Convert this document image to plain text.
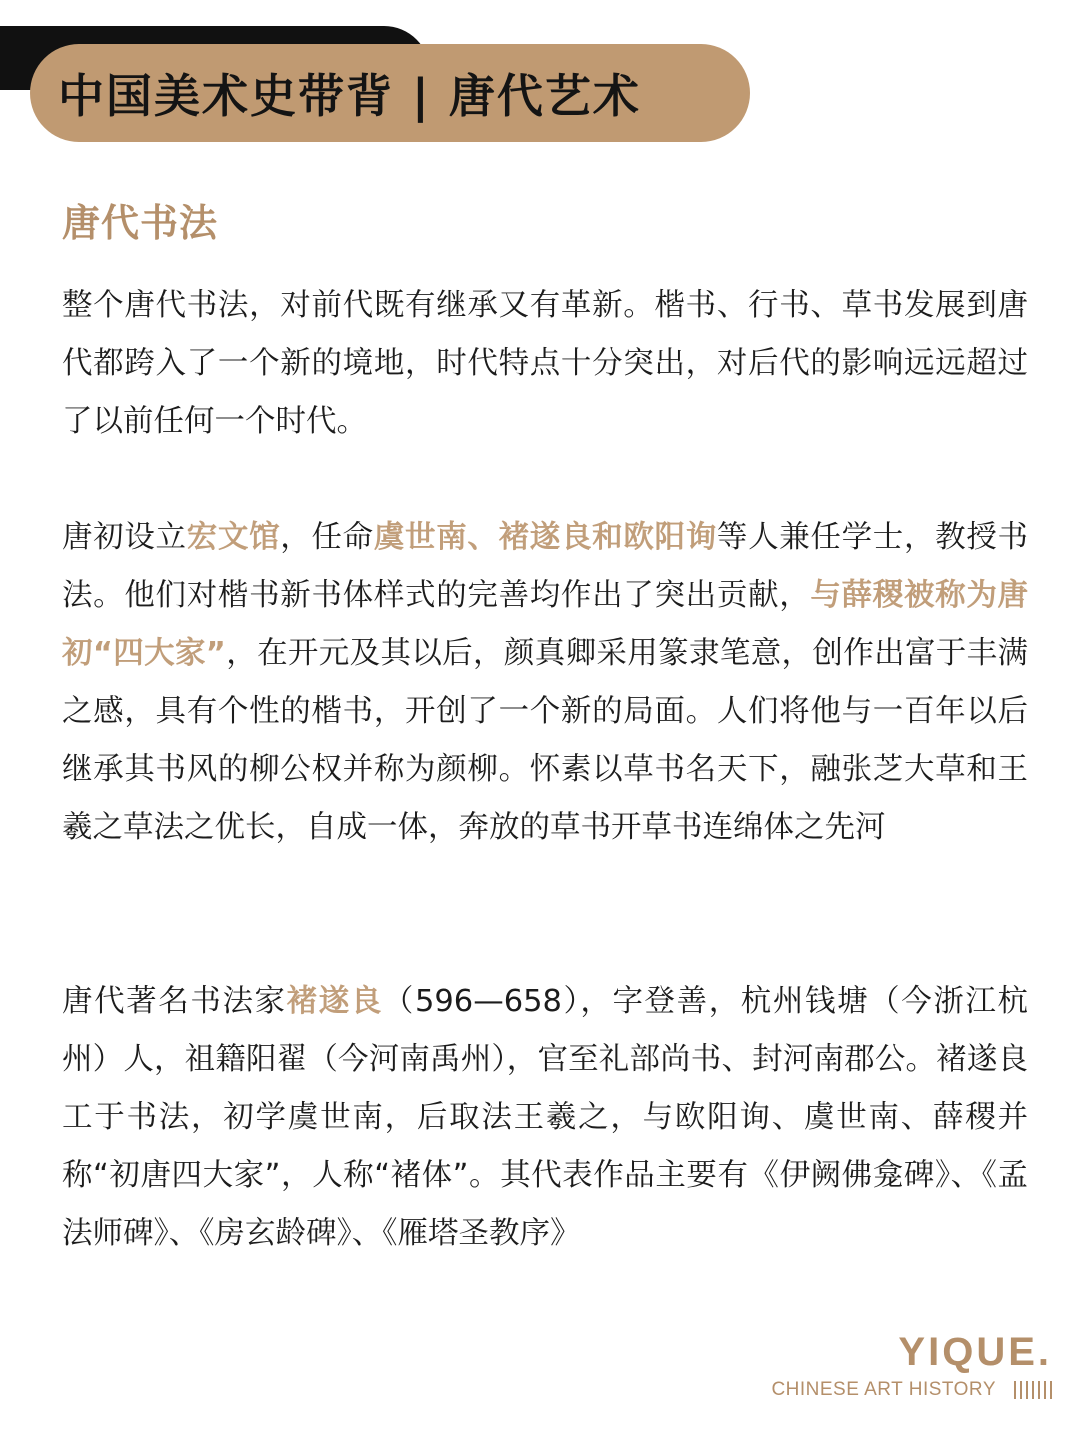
中国美术史带背 | 唐代艺术
唐代书法
整个唐代书法，对前代既有继承又有革新。楷书、行书、草书发展到唐代都跨入了一个新的境地，时代特点十分突出，对后代的影响远远超过了以前任何一个时代。
唐初设立宏文馆，任命虞世南、褚遂良和欧阳询等人兼任学士，教授书法。他们对楷书新书体样式的完善均作出了突出贡献，与薛稷被称为唐初“四大家”，在开元及其以后，颜真卿采用篆隶笔意，创作出富于丰满之感，具有个性的楷书，开创了一个新的局面。人们将他与一百年以后继承其书风的柳公权并称为颜柳。怀素以草书名天下，融张芝大草和王羲之草法之优长，自成一体，奔放的草书开草书连绵体之先河
唐代著名书法家褚遂良（596—658），字登善，杭州钱塘（今浙江杭州）人，祖籍阳翟（今河南禹州），官至礼部尚书、封河南郡公。褚遂良工于书法，初学虞世南，后取法王羲之，与欧阳询、虞世南、薛稷并称“初唐四大家”，人称“褚体”。其代表作品主要有《伊阙佛龛碑》、《孟法师碑》、《房玄龄碑》、《雁塔圣教序》
YIQUE.
CHINESE ART HISTORY
